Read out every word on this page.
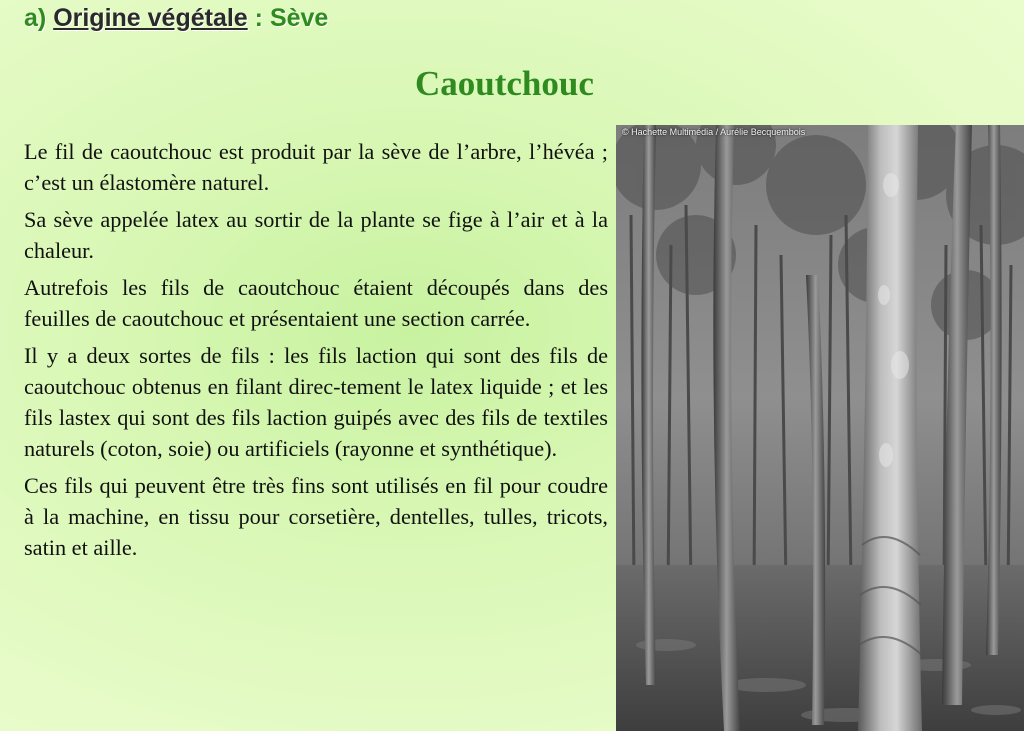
a) Origine végétale : Sève
Caoutchouc

Le fil de caoutchouc est produit par la sève de l’arbre, l’hévéa ; c’est un élastomère naturel.

Sa sève appelée latex au sortir de la plante se fige à l’air et à la chaleur.

Autrefois les fils de caoutchouc étaient découpés dans des feuilles de caoutchouc et présentaient une section carrée.

Il y a deux sortes de fils : les fils laction qui sont des fils de caoutchouc obtenus en filant direc-tement le latex liquide ; et les fils lastex qui sont des fils laction guipés avec des fils de textiles naturels (coton, soie) ou artificiels (rayonne et synthétique).

Ces fils qui peuvent être très fins sont utilisés en fil pour coudre à la machine, en tissu pour corsetière, dentelles, tulles, tricots, satin et aille.

© Hachette Multimédia / Aurélie Becquembois
